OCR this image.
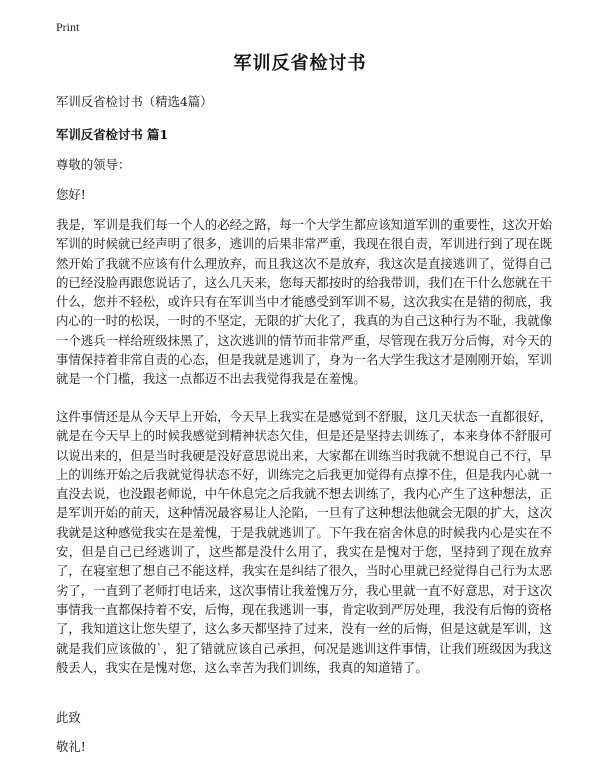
Print
军训反省检讨书

军训反省检讨书（精选4篇）

军训反省检讨书 篇1

尊敬的领导：

您好!

我是，军训是我们每一个人的必经之路，每一个大学生都应该知道军训的重要性，这次开始军训的时候就已经声明了很多，逃训的后果非常严重，我现在很自责，军训进行到了现在既然开始了我就不应该有什么理放弃，而且我这次不是放弃，我这次是直接逃训了，觉得自己的已经没脸再跟您说话了，这么几天来，您每天都按时的给我带训，我们在干什么您就在干什么，您并不轻松，或许只有在军训当中才能感受到军训不易，这次我实在是错的彻底，我内心的一时的松误，一时的不坚定，无限的扩大化了，我真的为自己这种行为不耻，我就像一个逃兵一样给班级抹黑了，这次逃训的情节而非常严重，尽管现在我万分后悔，对今天的事情保持着非常自责的心态，但是我就是逃训了，身为一名大学生我这才是刚刚开始，军训就是一个门槛，我这一点都迈不出去我觉得我是在羞愧。

这件事情还是从今天早上开始，今天早上我实在是感觉到不舒服，这几天状态一直都很好，就是在今天早上的时候我感觉到精神状态欠佳，但是还是坚持去训练了，本来身体不舒服可以说出来的，但是当时我硬是没好意思说出来，大家都在训练当时我就不想说自己不行，早上的训练开始之后我就觉得状态不好，训练完之后我更加觉得有点撑不住，但是我内心就一直没去说，也没跟老师说，中午休息完之后我就不想去训练了，我内心产生了这种想法，正是军训开始的前天，这种情况最容易让人沦陷，一旦有了这种想法他就会无限的扩大，这次我就是这种感觉我实在是羞愧，于是我就逃训了。下午我在宿舍休息的时候我内心是实在不安，但是自己已经逃训了，这些都是没什么用了，我实在是愧对于您，坚持到了现在放弃了，在寝室想了想自己不能这样，我实在是纠结了很久，当时心里就已经觉得自己行为太恶劣了，一直到了老师打电话来，这次事情让我羞愧万分，我心里就一直不好意思，对于这次事情我一直都保持着不安，后悔，现在我逃训一事，肯定收到严厉处理，我没有后悔的资格了，我知道这让您失望了，这么多天都坚持了过来，没有一丝的后悔，但是这就是军训，这就是我们应该做的`，犯了错就应该自己承担，何况是逃训这件事情，让我们班级因为我这般丢人，我实在是愧对您，这么幸苦为我们训练，我真的知道错了。

此致

敬礼!
